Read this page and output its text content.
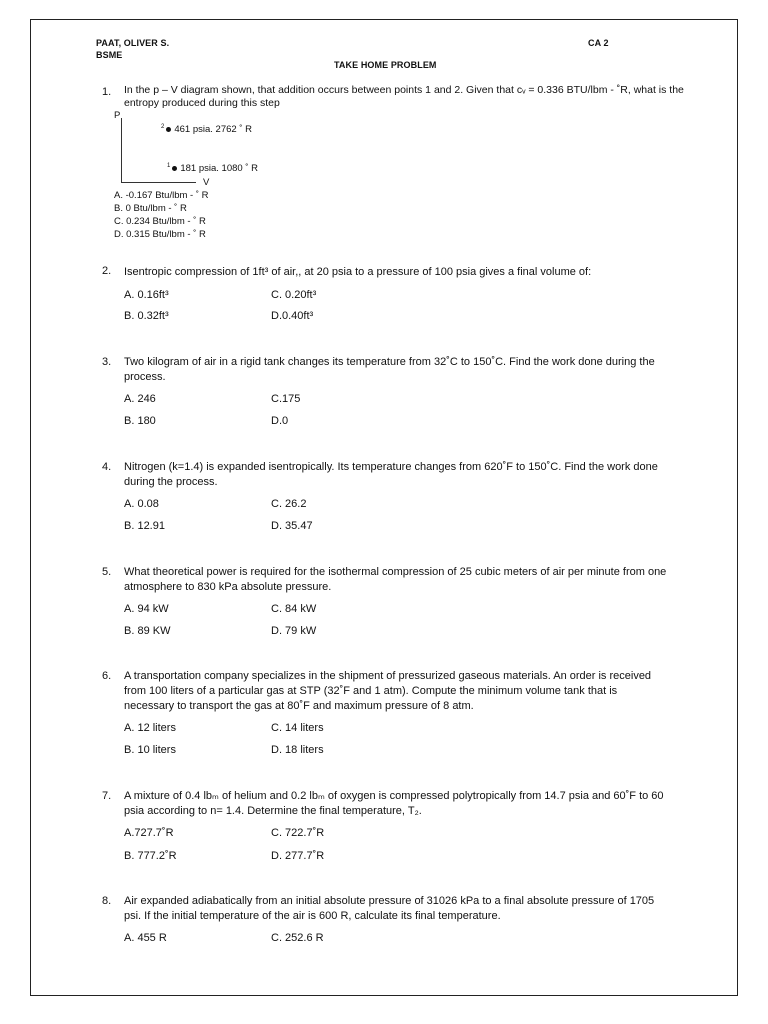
PAAT, OLIVER S.
BSME
CA 2
TAKE HOME PROBLEM
1. In the p – V diagram shown, that addition occurs between points 1 and 2. Given that cᵥ = 0.336 BTU/lbm - ˚R, what is the entropy produced during this step
P
V
$^2$ 461 psia. 2762 ˚ R
$^1$ 181 psia. 1080 ˚ R
A. -0.167 Btu/lbm - ˚ R
B. 0 Btu/lbm - ˚ R
C. 0.234 Btu/lbm - ˚ R
D. 0.315 Btu/lbm - ˚ R
2. Isentropic compression of 1ft³ of air,, at 20 psia to a pressure of 100 psia gives a final volume of:
A. 0.16ft³	C. 0.20ft³
B. 0.32ft³	D.0.40ft³
3. Two kilogram of air in a rigid tank changes its temperature from 32˚C to 150˚C. Find the work done during the process.
A. 246	C.175
B. 180	D.0
4. Nitrogen (k=1.4) is expanded isentropically. Its temperature changes from 620˚F to 150˚C. Find the work done during the process.
A. 0.08	C. 26.2
B. 12.91	D. 35.47
5. What theoretical power is required for the isothermal compression of 25 cubic meters of air per minute from one atmosphere to 830 kPa absolute pressure.
A. 94 kW	C. 84 kW
B. 89 KW	D. 79 kW
6. A transportation company specializes in the shipment of pressurized gaseous materials. An order is received from 100 liters of a particular gas at STP (32˚F and 1 atm). Compute the minimum volume tank that is necessary to transport the gas at 80˚F and maximum pressure of 8 atm.
A. 12 liters	C. 14 liters
B. 10 liters	D. 18 liters
7. A mixture of 0.4 lbₘ of helium and 0.2 lbₘ of oxygen is compressed polytropically from 14.7 psia and 60˚F to 60 psia according to n= 1.4. Determine the final temperature, T₂.
A.727.7˚R	C. 722.7˚R
B. 777.2˚R	D. 277.7˚R
8. Air expanded adiabatically from an initial absolute pressure of 31026 kPa to a final absolute pressure of 1705 psi. If the initial temperature of the air is 600 R, calculate its final temperature.
A. 455 R	C. 252.6 R
